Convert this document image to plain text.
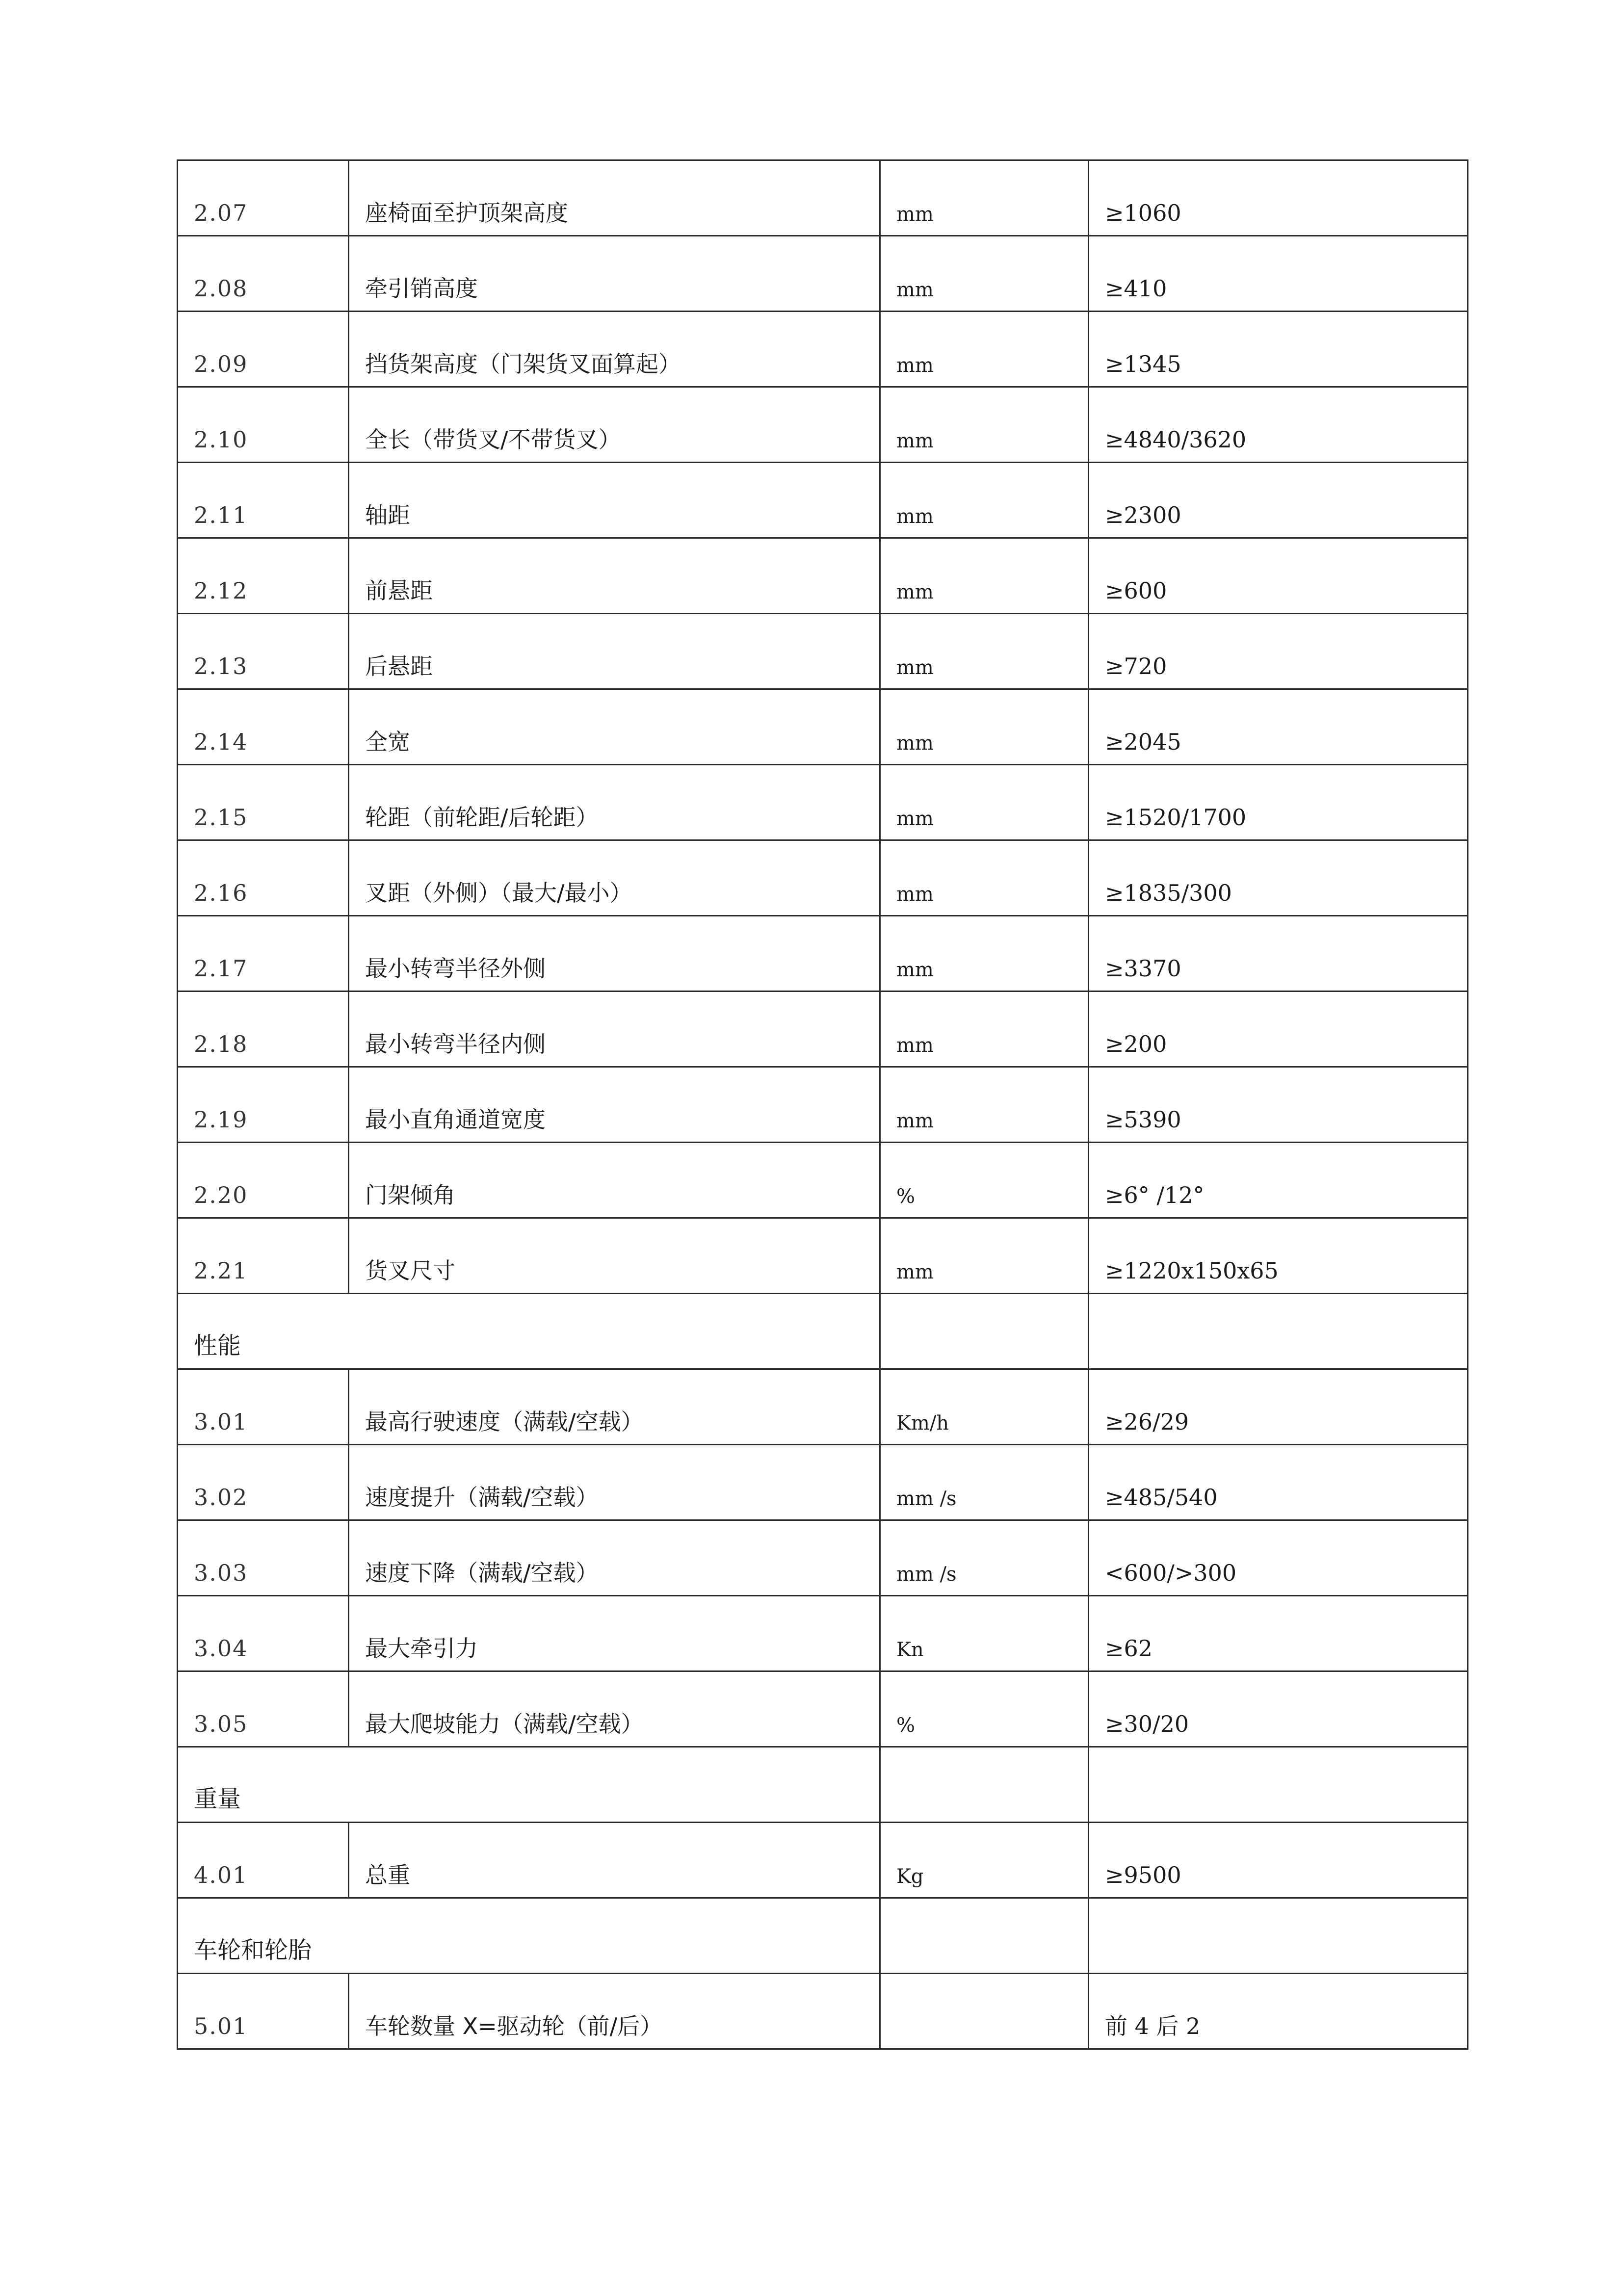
2.07	座椅面至护顶架高度	mm	≥1060
2.08	牵引销高度	mm	≥410
2.09	挡货架高度（门架货叉面算起）	mm	≥1345
2.10	全长（带货叉/不带货叉）	mm	≥4840/3620
2.11	轴距	mm	≥2300
2.12	前悬距	mm	≥600
2.13	后悬距	mm	≥720
2.14	全宽	mm	≥2045
2.15	轮距（前轮距/后轮距）	mm	≥1520/1700
2.16	叉距（外侧）（最大/最小）	mm	≥1835/300
2.17	最小转弯半径外侧	mm	≥3370
2.18	最小转弯半径内侧	mm	≥200
2.19	最小直角通道宽度	mm	≥5390
2.20	门架倾角	%	≥6° /12°
2.21	货叉尺寸	mm	≥1220x150x65
性能			
3.01	最高行驶速度（满载/空载）	Km/h	≥26/29
3.02	速度提升（满载/空载）	mm /s	≥485/540
3.03	速度下降（满载/空载）	mm /s	<600/>300
3.04	最大牵引力	Kn	≥62
3.05	最大爬坡能力（满载/空载）	%	≥30/20
重量			
4.01	总重	Kg	≥9500
车轮和轮胎			
5.01	车轮数量 X=驱动轮（前/后）		前 4 后 2
